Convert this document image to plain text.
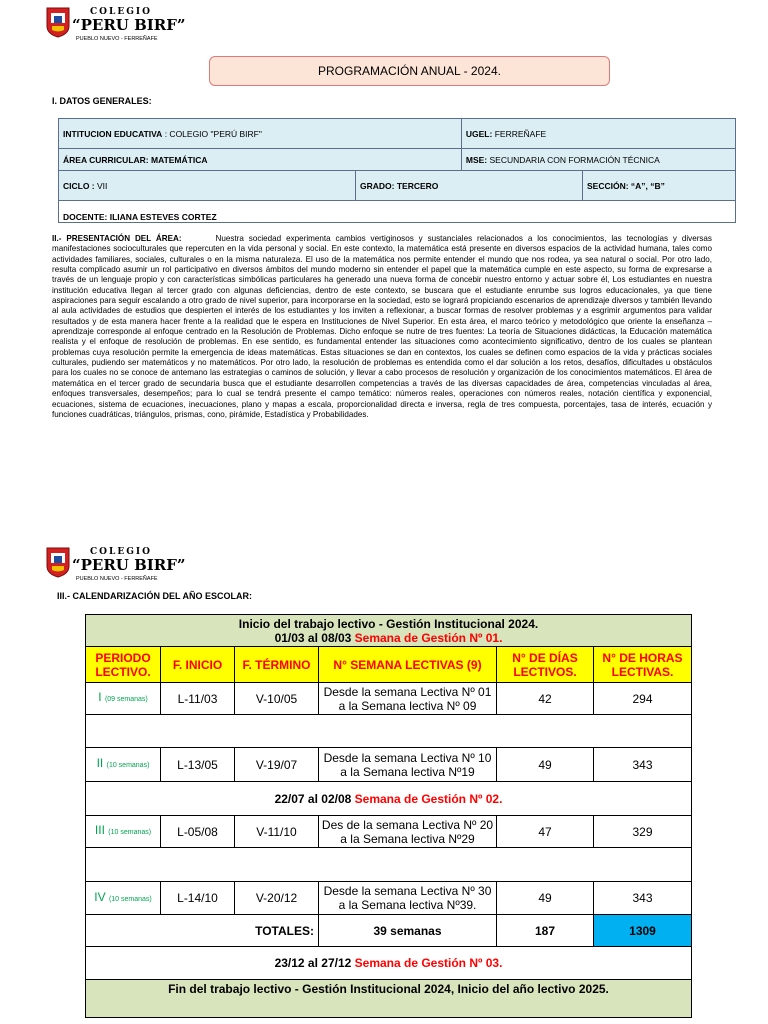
COLEGIO
“PERU BIRF”
PUEBLO NUEVO - FERREÑAFE
PROGRAMACIÓN ANUAL - 2024.
I. DATOS GENERALES:
INTITUCION EDUCATIVA : COLEGIO "PERÚ BIRF"		UGEL: FERREÑAFE	
ÁREA CURRICULAR: MATEMÁTICA		MSE: SECUNDARIA CON FORMACIÓN TÉCNICA	
CICLO : VII	GRADO: TERCERO		SECCIÓN: “A”, “B”
DOCENTE: ILIANA ESTEVES CORTEZ			

II.- PRESENTACIÓN DEL ÁREA:	Nuestra sociedad experimenta cambios vertiginosos y sustanciales relacionados a los conocimientos, las tecnologías y diversas manifestaciones socioculturales que repercuten en la vida personal y social. En este contexto, la matemática está presente en diversos espacios de la actividad humana, tales como actividades familiares, sociales, culturales o en la misma naturaleza. El uso de la matemática nos permite entender el mundo que nos rodea, ya sea natural o social. Por otro lado, resulta complicado asumir un rol participativo en diversos ámbitos del mundo moderno sin entender el papel que la matemática cumple en este aspecto, su forma de expresarse a través de un lenguaje propio y con características simbólicas particulares ha generado una nueva forma de concebir nuestro entorno y actuar sobre él, Los estudiantes en nuestra institución educativa llegan al tercer grado con algunas deficiencias, dentro de este contexto, se buscara que el estudiante enrumbe sus logros educacionales, ya que tiene aspiraciones para seguir escalando a otro grado de nivel superior, para incorporarse en la sociedad, esto se logrará propiciando escenarios de aprendizaje diversos y también llevando al aula actividades de estudios que despierten el interés de los estudiantes y los inviten a reflexionar, a buscar formas de resolver problemas y a esgrimir argumentos para validar resultados y de esta manera hacer frente a la realidad que le espera en Instituciones de Nivel Superior. En esta área, el marco teórico y metodológico que oriente la enseñanza – aprendizaje corresponde al enfoque centrado en la Resolución de Problemas. Dicho enfoque se nutre de tres fuentes: La teoría de Situaciones didácticas, la Educación matemática realista y el enfoque de resolución de problemas. En ese sentido, es fundamental entender las situaciones como acontecimiento significativo, dentro de los cuales se plantean problemas cuya resolución permite la emergencia de ideas matemáticas. Estas situaciones se dan en contextos, los cuales se definen como espacios de la vida y prácticas sociales culturales, pudiendo ser matemáticos y no matemáticos. Por otro lado, la resolución de problemas es entendida como el dar solución a los retos, desafíos, dificultades u obstáculos para los cuales no se conoce de antemano las estrategias o caminos de solución, y llevar a cabo procesos de resolución y organización de los conocimientos matemáticos. El área de matemática en el tercer grado de secundaria busca que el estudiante desarrollen competencias a través de las diversas capacidades de área, competencias vinculadas al área, enfoques transversales, desempeños; para lo cual se tendrá presente el campo temático: números reales, operaciones con números reales, notación científica y exponencial, ecuaciones, sistema de ecuaciones, inecuaciones, plano y mapas a escala, proporcionalidad directa e inversa, regla de tres compuesta, porcentajes, tasa de interés, ecuación y funciones cuadráticas, triángulos, prismas, cono, pirámide, Estadística y Probabilidades.

COLEGIO
“PERU BIRF”
PUEBLO NUEVO - FERREÑAFE
III.- CALENDARIZACIÓN DEL AÑO ESCOLAR:
Inicio del trabajo lectivo - Gestión Institucional 2024.
01/03 al 08/03 Semana de Gestión Nº 01.					

PERIODO LECTIVO.	F. INICIO	F. TÉRMINO	N° SEMANA LECTIVAS (9)	N° DE DÍAS LECTIVOS.	N° DE HORAS LECTIVAS.
I (09 semanas)	L-11/03	V-10/05	Desde la semana Lectiva Nº 01 a la Semana lectiva Nº 09	42	294

II (10 semanas)	L-13/05	V-19/07	Desde la semana Lectiva Nº 10 a la Semana lectiva Nº19	49	343
22/07 al 02/08 Semana de Gestión Nº 02.					
III (10 semanas)	L-05/08	V-11/10	Des de la semana Lectiva Nº 20 a la Semana lectiva Nº29	47	329

IV (10 semanas)	L-14/10	V-20/12	Desde la semana Lectiva Nº 30 a la Semana lectiva Nº39.	49	343
TOTALES:			39 semanas	187	1309
23/12 al 27/12 Semana de Gestión Nº 03.					
Fin del trabajo lectivo - Gestión Institucional 2024, Inicio del año lectivo 2025.					
